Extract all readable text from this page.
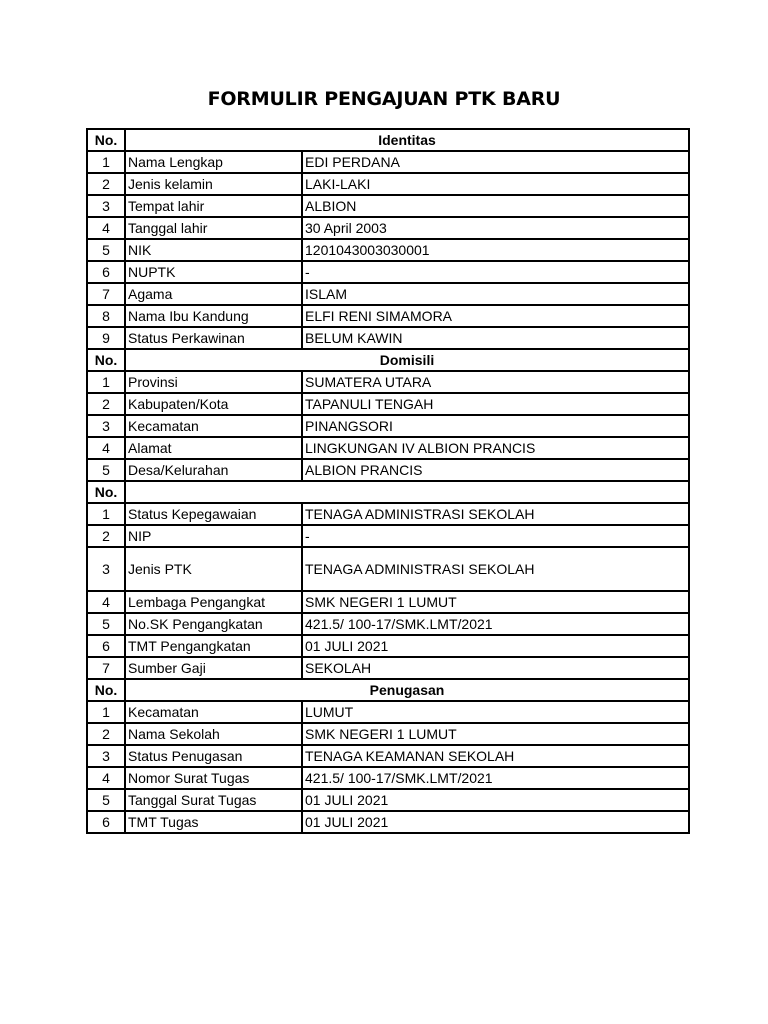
FORMULIR PENGAJUAN PTK BARU
No.	Identitas	
1	Nama Lengkap	EDI PERDANA
2	Jenis kelamin	LAKI-LAKI
3	Tempat lahir	ALBION
4	Tanggal lahir	30 April 2003
5	NIK	1201043003030001
6	NUPTK	-
7	Agama	ISLAM
8	Nama Ibu Kandung	ELFI RENI SIMAMORA
9	Status Perkawinan	BELUM KAWIN
No.	Domisili	
1	Provinsi	SUMATERA UTARA
2	Kabupaten/Kota	TAPANULI TENGAH
3	Kecamatan	PINANGSORI
4	Alamat	LINGKUNGAN IV ALBION PRANCIS
5	Desa/Kelurahan	ALBION PRANCIS
No.		
1	Status Kepegawaian	TENAGA ADMINISTRASI SEKOLAH
2	NIP	-
3	Jenis PTK	TENAGA ADMINISTRASI SEKOLAH
4	Lembaga Pengangkat	SMK NEGERI 1 LUMUT
5	No.SK Pengangkatan	421.5/ 100-17/SMK.LMT/2021
6	TMT Pengangkatan	01 JULI 2021
7	Sumber Gaji	SEKOLAH
No.	Penugasan	
1	Kecamatan	LUMUT
2	Nama Sekolah	SMK NEGERI 1 LUMUT
3	Status Penugasan	TENAGA KEAMANAN SEKOLAH
4	Nomor Surat Tugas	421.5/ 100-17/SMK.LMT/2021
5	Tanggal Surat Tugas	01 JULI 2021
6	TMT Tugas	01 JULI 2021
